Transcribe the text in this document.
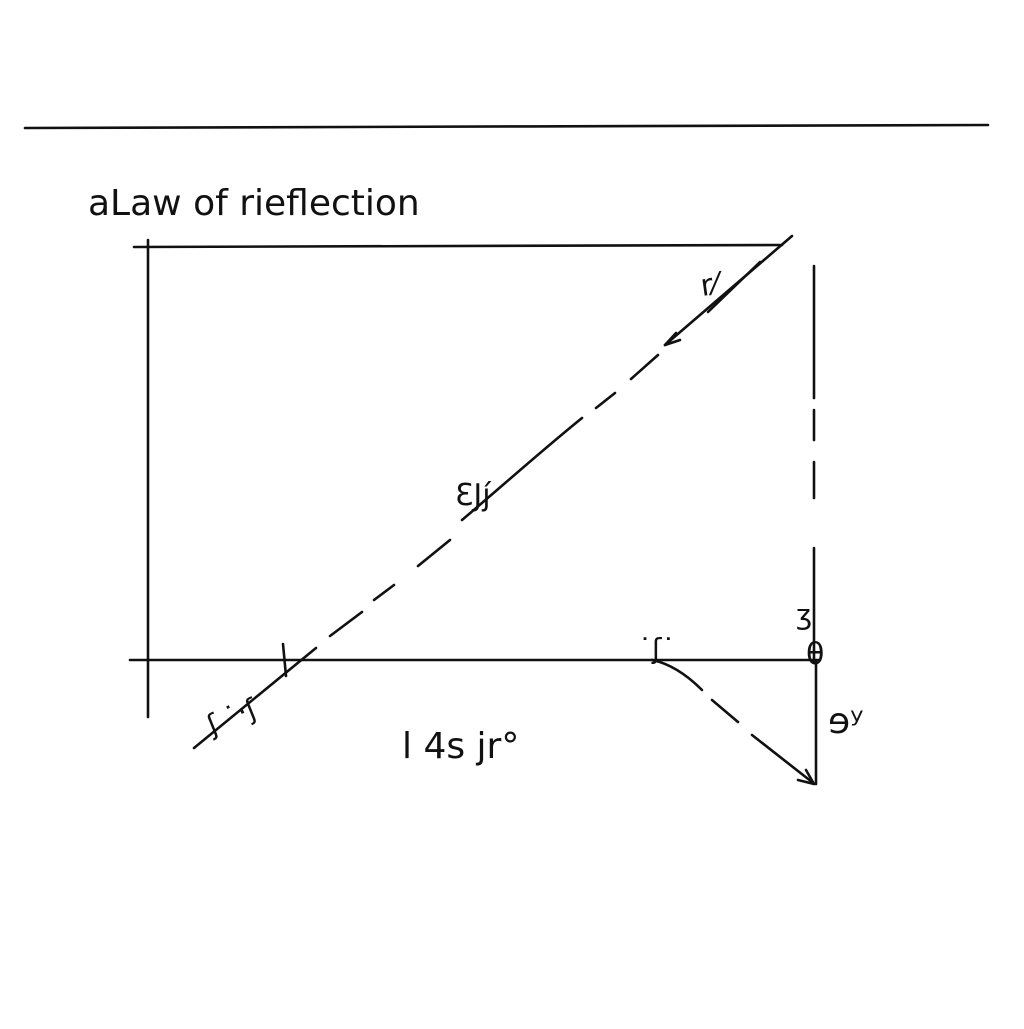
aLaw of rieflection
r⁄
ƐJȷ́
ʃ ˙‧ʃ
l 4s jr°
˙ʃ˙
ʒ
θ
ɘʸ
